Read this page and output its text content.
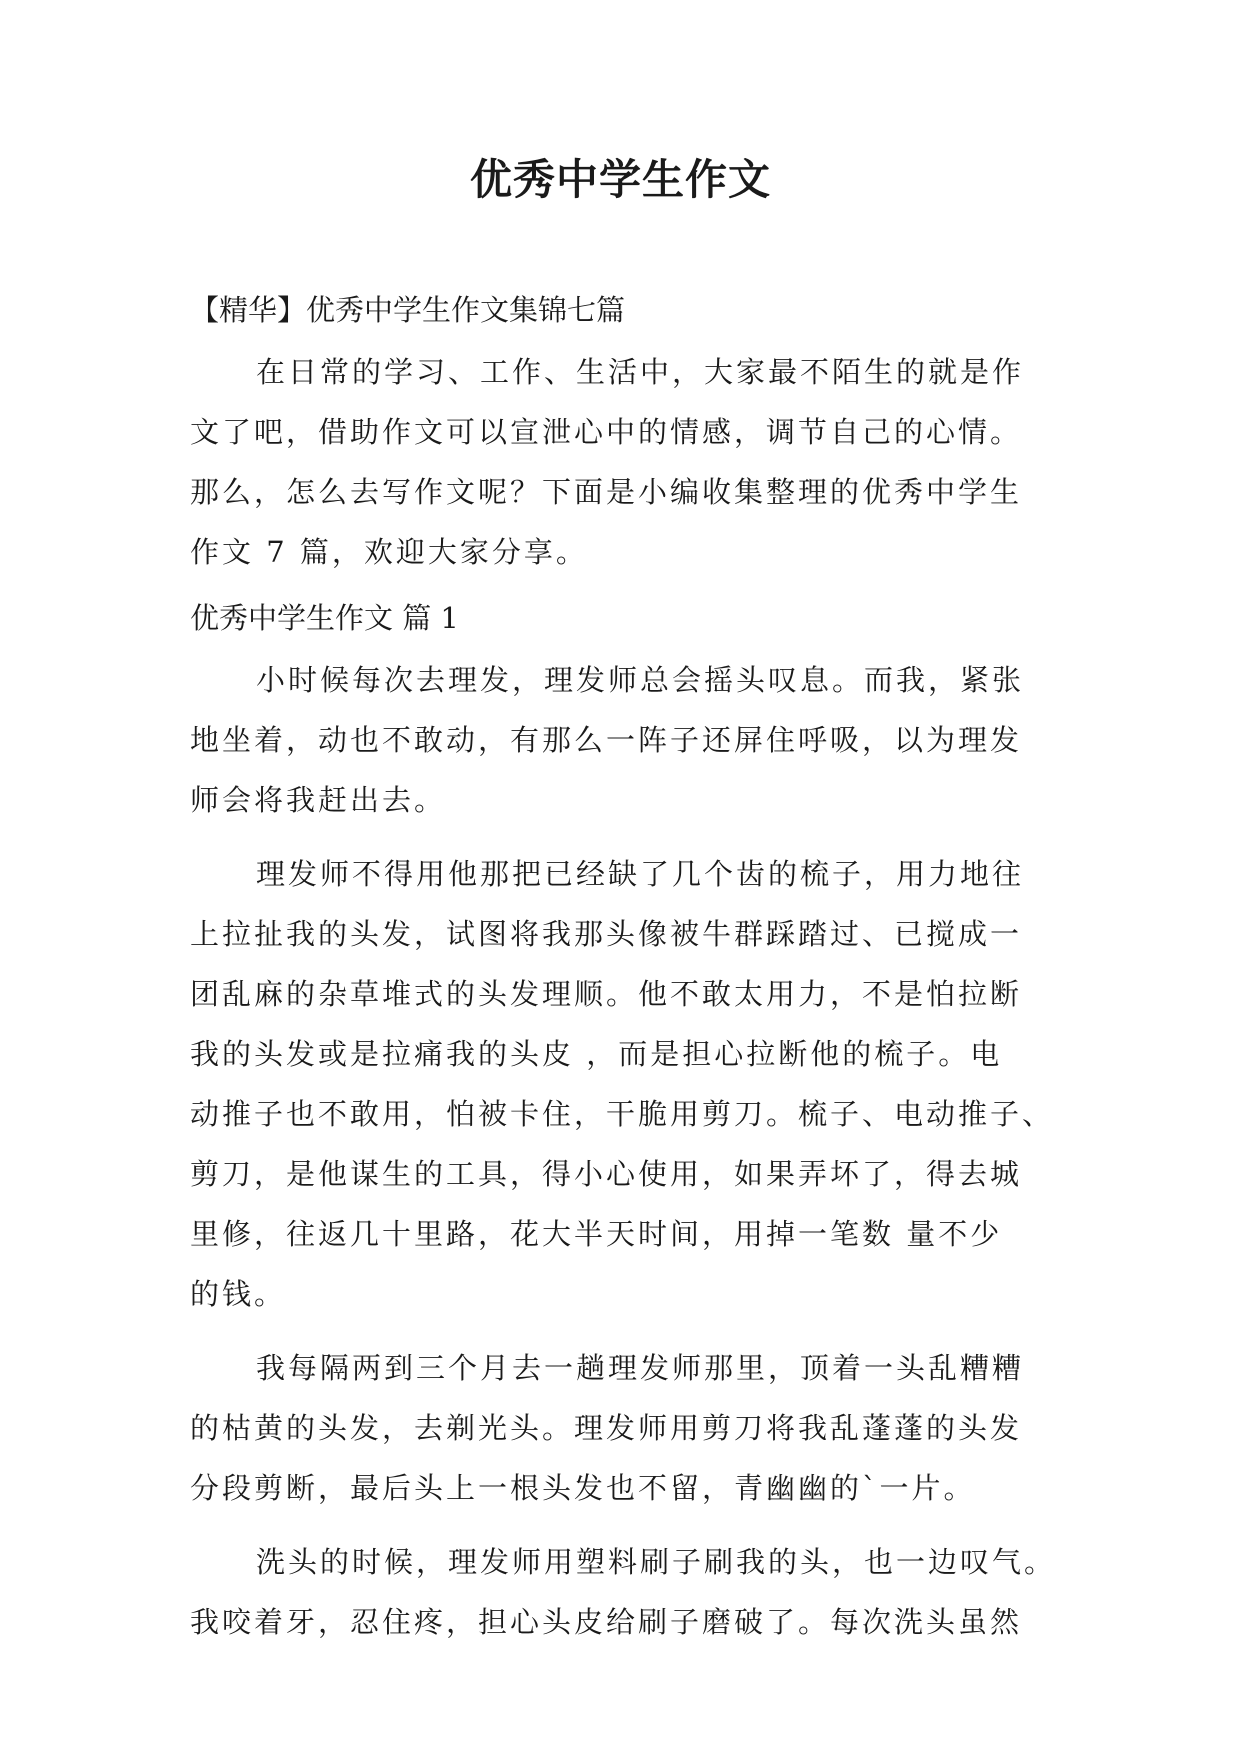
优秀中学生作文
【精华】优秀中学生作文集锦七篇
在日常的学习、工作、生活中，大家最不陌生的就是作
文了吧，借助作文可以宣泄心中的情感，调节自己的心情。
那么，怎么去写作文呢？下面是小编收集整理的优秀中学生
作文 7 篇，欢迎大家分享。
优秀中学生作文 篇 1
小时候每次去理发，理发师总会摇头叹息。而我，紧张
地坐着，动也不敢动，有那么一阵子还屏住呼吸，以为理发
师会将我赶出去。
理发师不得用他那把已经缺了几个齿的梳子，用力地往
上拉扯我的头发，试图将我那头像被牛群踩踏过、已搅成一
团乱麻的杂草堆式的头发理顺。他不敢太用力，不是怕拉断
我的头发或是拉痛我的头皮 ，而是担心拉断他的梳子。电
动推子也不敢用，怕被卡住，干脆用剪刀。梳子、电动推子、
剪刀，是他谋生的工具，得小心使用，如果弄坏了，得去城
里修，往返几十里路，花大半天时间，用掉一笔数 量不少
的钱。
我每隔两到三个月去一趟理发师那里，顶着一头乱糟糟
的枯黄的头发，去剃光头。理发师用剪刀将我乱蓬蓬的头发
分段剪断，最后头上一根头发也不留，青幽幽的`一片。
洗头的时候，理发师用塑料刷子刷我的头，也一边叹气。
我咬着牙，忍住疼，担心头皮给刷子磨破了。每次洗头虽然
